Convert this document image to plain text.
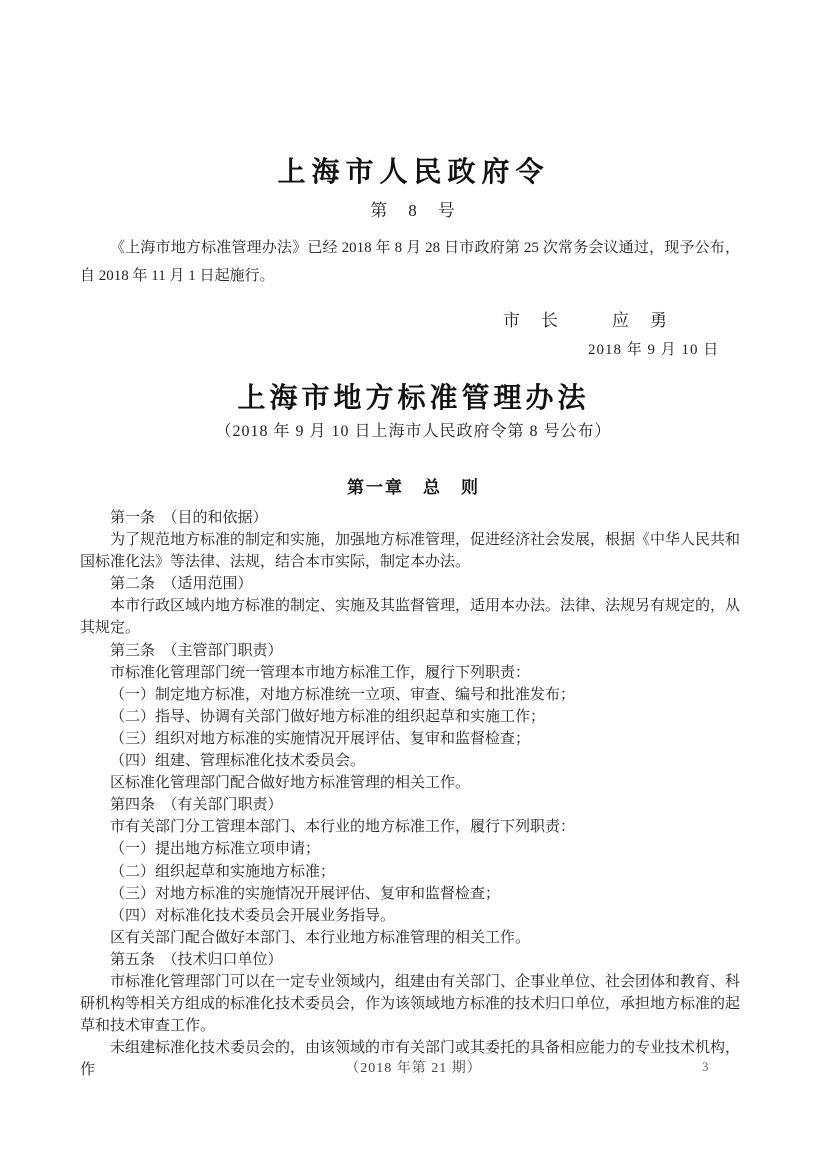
上海市人民政府令
第　8　号

《上海市地方标准管理办法》已经 2018 年 8 月 28 日市政府第 25 次常务会议通过，现予公布，自 2018 年 11 月 1 日起施行。

市　长	应　勇
2018 年 9 月 10 日
上海市地方标准管理办法
（2018 年 9 月 10 日上海市人民政府令第 8 号公布）
第一章　总　则

第一条　（目的和依据）

为了规范地方标准的制定和实施，加强地方标准管理，促进经济社会发展，根据《中华人民共和国标准化法》等法律、法规，结合本市实际，制定本办法。

第二条　（适用范围）

本市行政区域内地方标准的制定、实施及其监督管理，适用本办法。法律、法规另有规定的，从其规定。

第三条　（主管部门职责）

市标准化管理部门统一管理本市地方标准工作，履行下列职责：

（一）制定地方标准，对地方标准统一立项、审查、编号和批准发布；

（二）指导、协调有关部门做好地方标准的组织起草和实施工作；

（三）组织对地方标准的实施情况开展评估、复审和监督检查；

（四）组建、管理标准化技术委员会。

区标准化管理部门配合做好地方标准管理的相关工作。

第四条　（有关部门职责）

市有关部门分工管理本部门、本行业的地方标准工作，履行下列职责：

（一）提出地方标准立项申请；

（二）组织起草和实施地方标准；

（三）对地方标准的实施情况开展评估、复审和监督检查；

（四）对标准化技术委员会开展业务指导。

区有关部门配合做好本部门、本行业地方标准管理的相关工作。

第五条　（技术归口单位）

市标准化管理部门可以在一定专业领域内，组建由有关部门、企事业单位、社会团体和教育、科研机构等相关方组成的标准化技术委员会，作为该领域地方标准的技术归口单位，承担地方标准的起草和技术审查工作。

未组建标准化技术委员会的，由该领域的市有关部门或其委托的具备相应能力的专业技术机构，作	（2018 年第 21 期）	3
